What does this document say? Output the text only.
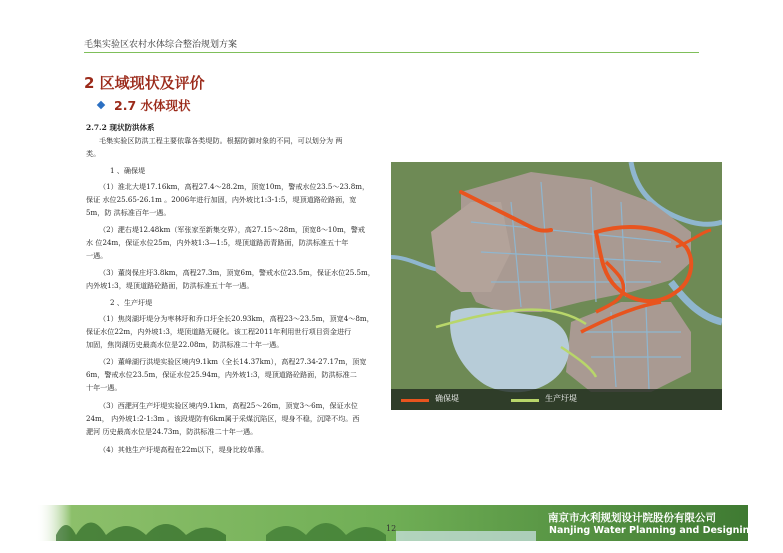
毛集实验区农村水体综合整治规划方案
2 区域现状及评价
2.7 水体现状
2.7.2 现状防洪体系
毛集实验区防洪工程主要依靠各类堤防。根据防御对象的不同，可以划分为 两
类。
1 、确保堤
（1）淮北大堤17.16km，高程27.4～28.2m，顶宽10m，警戒水位23.5～23.8m，
保证 水位25.65-26.1m 。2006年进行加固，内外坡比1:3-1:5，堤顶道路砼路面，宽
5m，防 洪标准百年一遇。
（2）淝右堤12.48km（军张家至新集交界），高27.15～28m，顶宽8～10m，警戒
水 位24m，保证水位25m，内外坡1:3—1:5，堤顶道路沥青路面，防洪标准五十年
一遇。
（3）董岗保庄圩3.8km，高程27.3m，顶宽6m，警戒水位23.5m，保证水位25.5m，
内外坡1:3，堤顶道路砼路面，防洪标准五十年一遇。
2 、生产圩堤
（1）焦岗湖圩堤分为枣林圩和乔口圩全长20.93km，高程23～23.5m，顶宽4～8m，
保证水位22m，内外坡1:3，堤顶道路无硬化。该工程2011年利用世行项目资金进行
加固，焦岗湖历史最高水位是22.08m，防洪标准二十年一遇。
（2）董峰湖行洪堤实验区境内9.1km（全长14.37km），高程27.34-27.17m，顶宽
6m，警戒水位23.5m，保证水位25.94m，内外坡1:3，堤顶道路砼路面，防洪标准二
十年一遇。
（3）西淝河生产圩堤实验区境内9.1km，高程25～26m，顶宽3～6m，保证水位
24m， 内外坡1:2-1:3m 。该段堤防有6km属于采煤沉陷区，堤身不稳，沉降不均。西
淝河 历史最高水位是24.73m，防洪标准二十年一遇。
（4）其他生产圩堤高程在22m以下，堤身比较单薄。
确保堤	生产圩堤
12
南京市水利规划设计院股份有限公司
Nanjing Water Planning and Designing
